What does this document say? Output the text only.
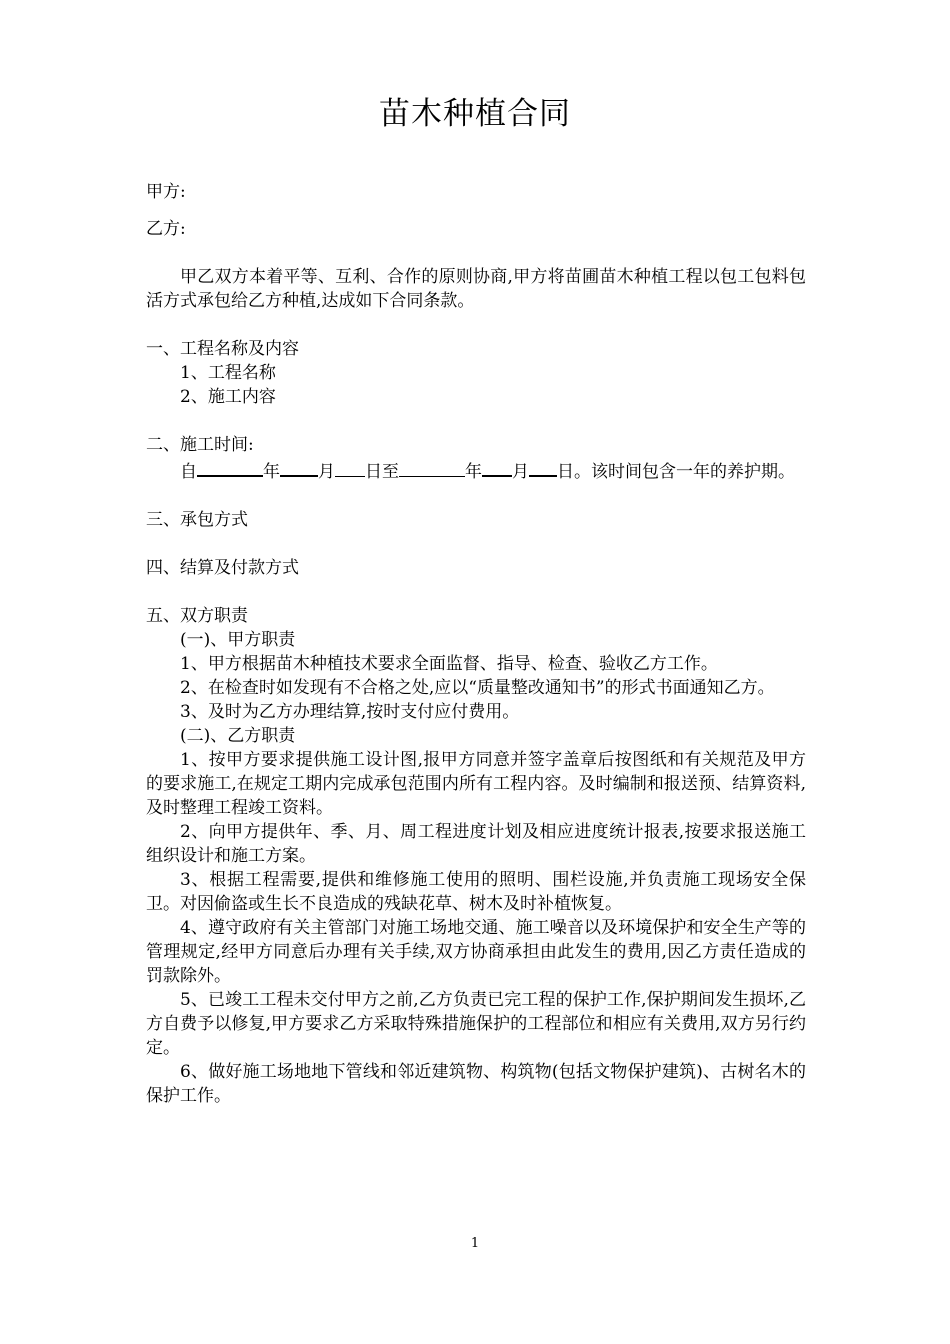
苗木种植合同

甲方:

乙方:

甲乙双方本着平等、互利、合作的原则协商,甲方将苗圃苗木种植工程以包工包料包活方式承包给乙方种植,达成如下合同条款。

一、工程名称及内容

1、工程名称

2、施工内容

二、施工时间:

自	年 月 日至	年 月 日。该时间包含一年的养护期。

三、承包方式

四、结算及付款方式

五、双方职责

(一)、甲方职责

1、甲方根据苗木种植技术要求全面监督、指导、检查、验收乙方工作。

2、在检查时如发现有不合格之处,应以“质量整改通知书”的形式书面通知乙方。

3、及时为乙方办理结算,按时支付应付费用。

(二)、乙方职责

1、按甲方要求提供施工设计图,报甲方同意并签字盖章后按图纸和有关规范及甲方的要求施工,在规定工期内完成承包范围内所有工程内容。及时编制和报送预、结算资料,及时整理工程竣工资料。

2、向甲方提供年、季、月、周工程进度计划及相应进度统计报表,按要求报送施工组织设计和施工方案。

3、根据工程需要,提供和维修施工使用的照明、围栏设施,并负责施工现场安全保卫。对因偷盗或生长不良造成的残缺花草、树木及时补植恢复。

4、遵守政府有关主管部门对施工场地交通、施工噪音以及环境保护和安全生产等的管理规定,经甲方同意后办理有关手续,双方协商承担由此发生的费用,因乙方责任造成的罚款除外。

5、已竣工工程未交付甲方之前,乙方负责已完工程的保护工作,保护期间发生损坏,乙方自费予以修复,甲方要求乙方采取特殊措施保护的工程部位和相应有关费用,双方另行约定。

6、做好施工场地地下管线和邻近建筑物、构筑物(包括文物保护建筑)、古树名木的保护工作。

1
